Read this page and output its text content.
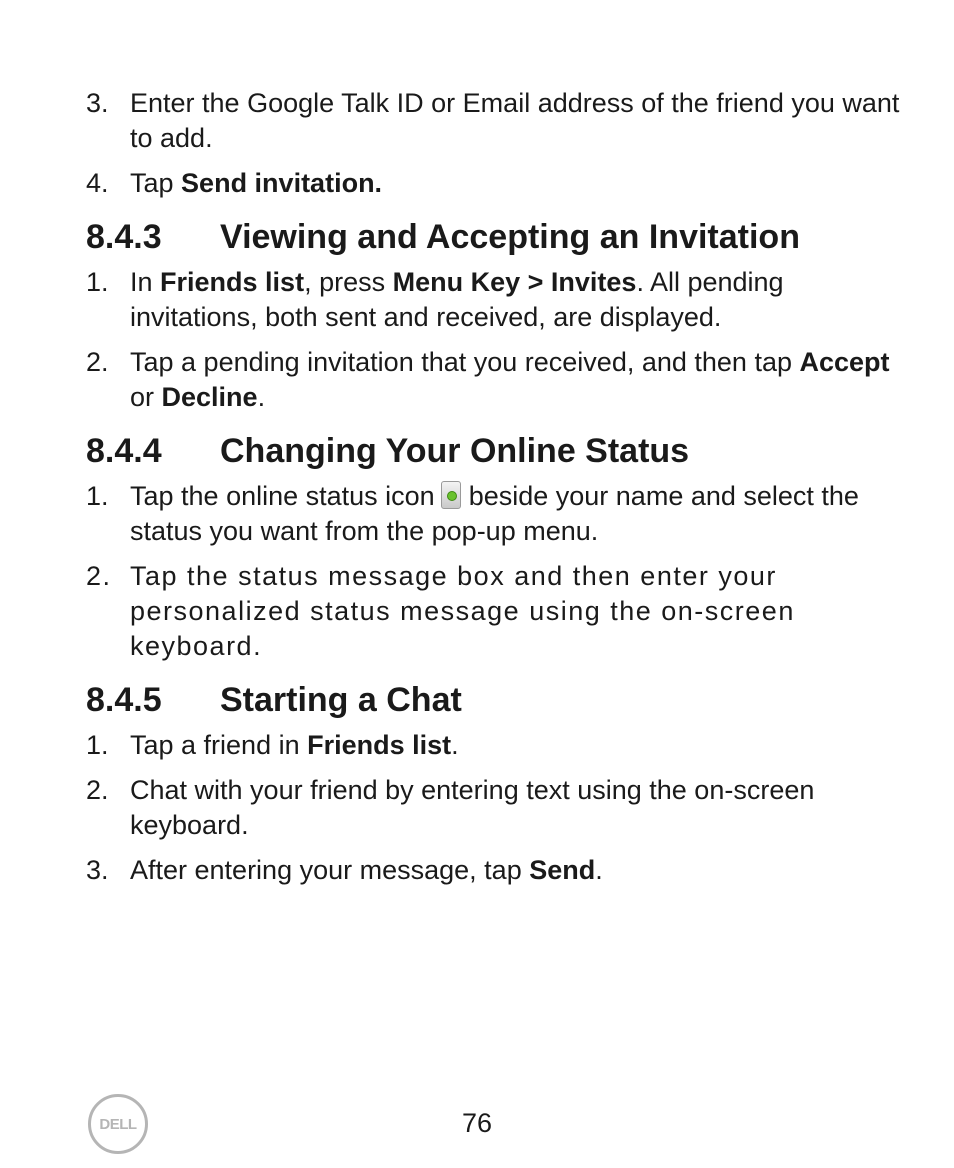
3. Enter the Google Talk ID or Email address of the friend you want to add.
4. Tap Send invitation.
8.4.3	Viewing and Accepting an Invitation
1. In Friends list, press Menu Key > Invites. All pending invitations, both sent and received, are displayed.
2. Tap a pending invitation that you received, and then tap Accept or Decline.
8.4.4	Changing Your Online Status
1. Tap the online status icon beside your name and select the status you want from the pop-up menu.
2. Tap the status message box and then enter your personalized status message using the on-screen keyboard.
8.4.5	Starting a Chat
1. Tap a friend in Friends list.
2. Chat with your friend by entering text using the on-screen keyboard.
3. After entering your message, tap Send.
DELL	76
